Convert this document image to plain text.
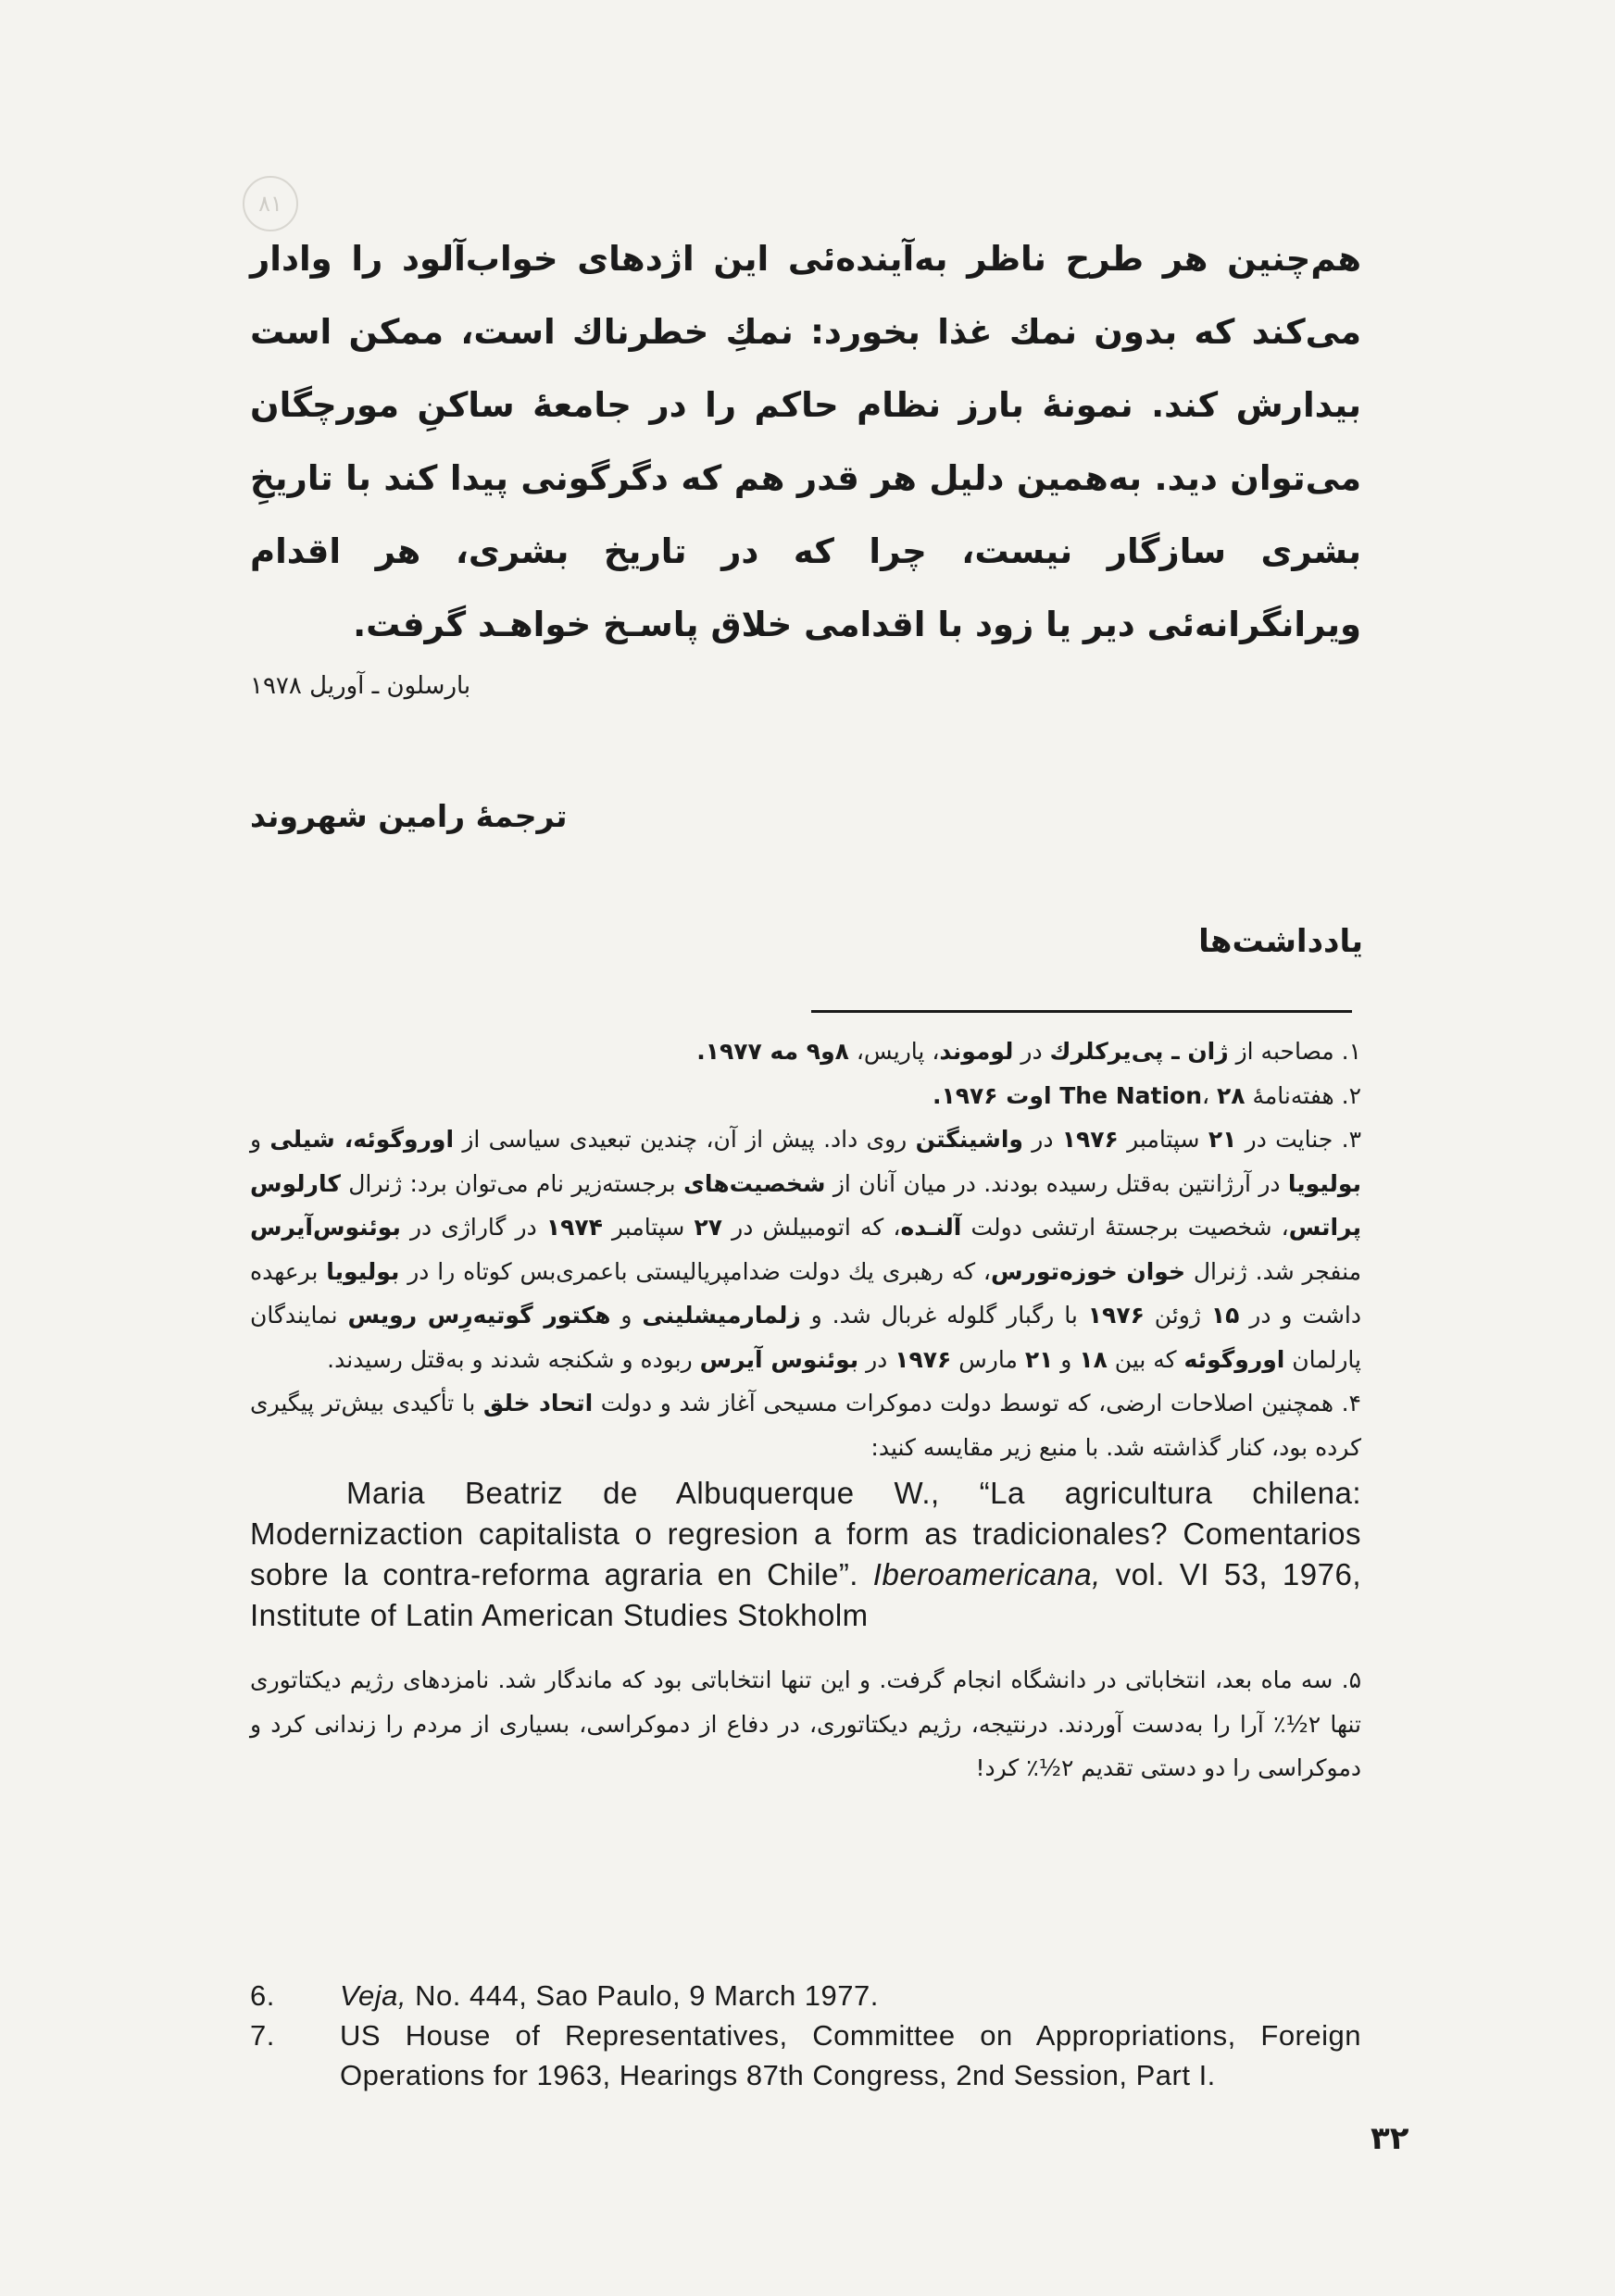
۸۱

هم‌چنین هر طرح ناظر به‌آینده‌ئی این اژدهای خواب‌آلود را وادار می‌کند که بدون نمك غذا بخورد: نمكِ خطرناك است، ممكن است بیدارش كند. نمونهٔ بارز نظام حاکم را در جامعهٔ ساکنِ مورچگان می‌توان دید. به‌همین دلیل هر قدر هم که دگرگونی پیدا کند با تاریخِ بشری سازگار نیست، چرا که در تاریخ بشری، هر اقدام ویرانگرانه‌ئی دیر یا زود با اقدامی خلاق پاسـخ خواهـد گرفت.

بارسلون ـ آوریل ۱۹۷۸
ترجمهٔ رامین شهروند
یادداشت‌ها

۱. مصاحبه از ژان ـ پی‌یرکلرك در لوموند، پاریس، ۸و۹ مه ۱۹۷۷.

۲. هفته‌نامهٔ The Nation، ۲۸ اوت ۱۹۷۶.

۳. جنایت در ۲۱ سپتامبر ۱۹۷۶ در واشینگتن روی داد. پیش از آن، چندین تبعیدی سیاسی از اوروگوئه، شیلی و بولیویا در آرژانتین به‌قتل رسیده بودند. در میان آنان از شخصیت‌های برجسته‌زیر نام می‌توان برد: ژنرال کارلوس پراتس، شخصیت برجستهٔ ارتشی دولت آلنـده، که اتومبیلش در ۲۷ سپتامبر ۱۹۷۴ در گاراژی در بوئنوس‌آیرس منفجر شد. ژنرال خوان خوزه‌تورس، که رهبری یك دولت ضدامپریالیستی باعمری‌بس کوتاه را در بولیویا برعهده داشت و در ۱۵ ژوئن ۱۹۷۶ با رگبار گلوله غربال شد. و زلمارمیشلینی و هکتور گوتیه‌رِس رویس نمایندگان پارلمان اوروگوئه که بین ۱۸ و ۲۱ مارس ۱۹۷۶ در بوئنوس آیرس ربوده و شکنجه شدند و به‌قتل رسیدند.

۴. همچنین اصلاحات ارضی، که توسط دولت دموکرات مسیحی آغاز شد و دولت اتحاد خلق با تأکیدی بیش‌تر پیگیری کرده بود، کنار گذاشته شد. با منبع زیر مقایسه کنید:

Maria Beatriz de Albuquerque W., “La agricultura chilena: Modernizaction capitalista o regresion a form as tradicionales? Comentarios sobre la contra-reforma agraria en Chile”. Iberoamericana, vol. VI 53, 1976, Institute of Latin American Studies Stokholm

۵. سه ماه بعد، انتخاباتی در دانشگاه انجام گرفت. و این تنها انتخاباتی بود که ماندگار شد. نامزدهای رژیم دیکتاتوری تنها ۲½٪ آرا را به‌دست آوردند. درنتیجه، رژیم دیکتاتوری، در دفاع از دموکراسی، بسیاری از مردم را زندانی کرد و دموکراسی را دو دستی تقدیم ۲½٪ کرد!

6.	Veja, No. 444, Sao Paulo, 9 March 1977.
7.	US House of Representatives, Committee on Appropriations, Foreign Operations for 1963, Hearings 87th Congress, 2nd Session, Part I.
۳۲
